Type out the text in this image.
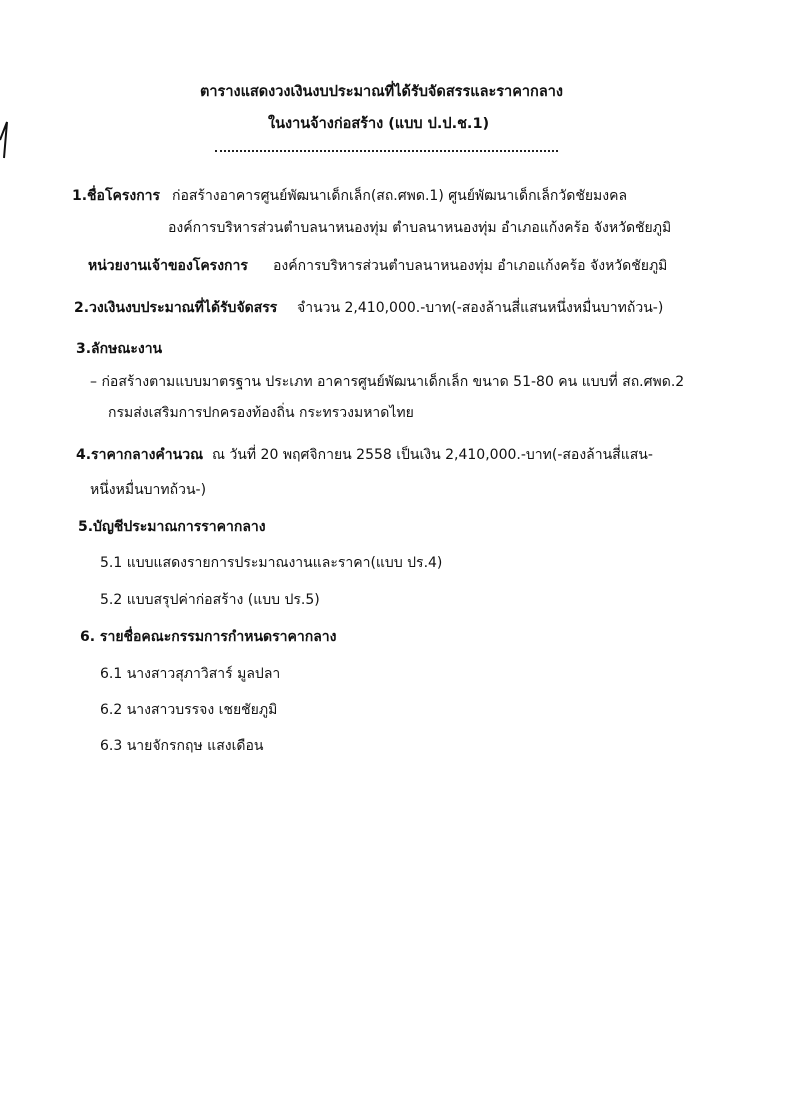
ตารางแสดงวงเงินงบประมาณที่ได้รับจัดสรรและราคากลาง
ในงานจ้างก่อสร้าง (แบบ ป.ป.ช.1)
1.ชื่อโครงการ ก่อสร้างอาคารศูนย์พัฒนาเด็กเล็ก(สถ.ศพด.1) ศูนย์พัฒนาเด็กเล็กวัดชัยมงคล
องค์การบริหารส่วนตำบลนาหนองทุ่ม ตำบลนาหนองทุ่ม อำเภอแก้งคร้อ จังหวัดชัยภูมิ
หน่วยงานเจ้าของโครงการ องค์การบริหารส่วนตำบลนาหนองทุ่ม อำเภอแก้งคร้อ จังหวัดชัยภูมิ
2.วงเงินงบประมาณที่ได้รับจัดสรร จำนวน 2,410,000.-บาท(-สองล้านสี่แสนหนึ่งหมื่นบาทถ้วน-)
3.ลักษณะงาน
– ก่อสร้างตามแบบมาตรฐาน ประเภท อาคารศูนย์พัฒนาเด็กเล็ก ขนาด 51-80 คน แบบที่ สถ.ศพด.2
กรมส่งเสริมการปกครองท้องถิ่น กระทรวงมหาดไทย
4.ราคากลางคำนวณ ณ วันที่ 20 พฤศจิกายน 2558 เป็นเงิน 2,410,000.-บาท(-สองล้านสี่แสน-
หนึ่งหมื่นบาทถ้วน-)
5.บัญชีประมาณการราคากลาง
5.1 แบบแสดงรายการประมาณงานและราคา(แบบ ปร.4)
5.2 แบบสรุปค่าก่อสร้าง (แบบ ปร.5)
6. รายชื่อคณะกรรมการกำหนดราคากลาง
6.1 นางสาวสุภาวิสาร์ มูลปลา
6.2 นางสาวบรรจง เชยชัยภูมิ
6.3 นายจักรกฤษ แสงเดือน
